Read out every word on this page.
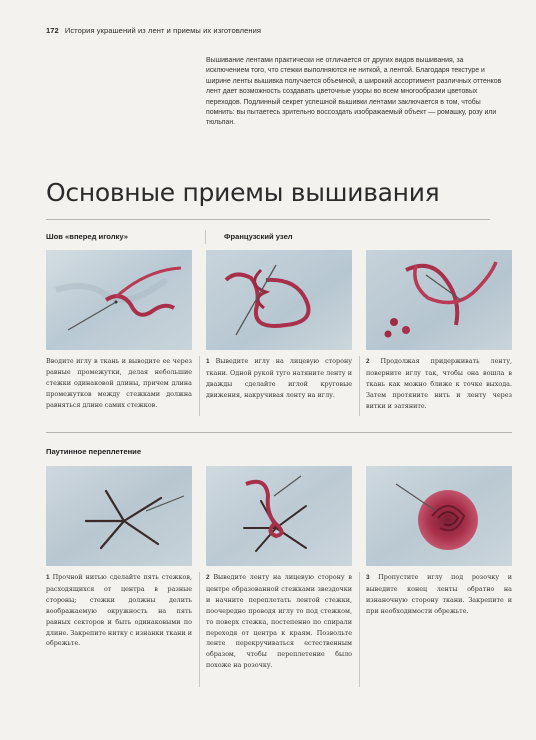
172 История украшений из лент и приемы их изготовления
Вышивание лентами практически не отличается от других видов вышивания, за исключением того, что стежки выполняются не ниткой, а лентой. Благодаря текстуре и ширине ленты вышивка получается объемной, а широкий ассортимент различных оттенков лент дает возможность создавать цветочные узоры во всем многообразии цветовых переходов. Подлинный секрет успешной вышивки лентами заключается в том, чтобы помнить: вы пытаетесь зрительно воссоздать изображаемый объект — ромашку, розу или тюльпан.
Основные приемы вышивания
Шов «вперед иголку»	Французский узел
Вводите иглу в ткань и выводите ее через равные промежутки, делая небольшие стежки одинаковой длины, причем длина промежутков между стежками должна равняться длине самих стежков.
1 Выведите иглу на лицевую сторону ткани. Одной рукой туго натяните ленту и дважды сделайте иглой круговые движения, накручивая ленту на иглу.
2 Продолжая придерживать ленту, поверните иглу так, чтобы она вошла в ткань как можно ближе к точке выхода. Затем протяните нить и ленту через витки и затяните.
Паутинное переплетение
1 Прочной нитью сделайте пять стежков, расходящихся от центра в разные стороны; стежки должны делить воображаемую окружность на пять равных секторов и быть одинаковыми по длине. Закрепите нитку с изнанки ткани и обрежьте.
2 Выведите ленту на лицевую сторону в центре образованной стежками звездочки и начните переплетать лентой стежки, поочередно проводя иглу то под стежком, то поверх стежка, постепенно по спирали переходя от центра к краям. Позвольте ленте перекручиваться естественным образом, чтобы переплетение было похоже на розочку.
3 Пропустите иглу под розочку и выведите конец ленты обратно на изнаночную сторону ткани. Закрепите и при необходимости обрежьте.
